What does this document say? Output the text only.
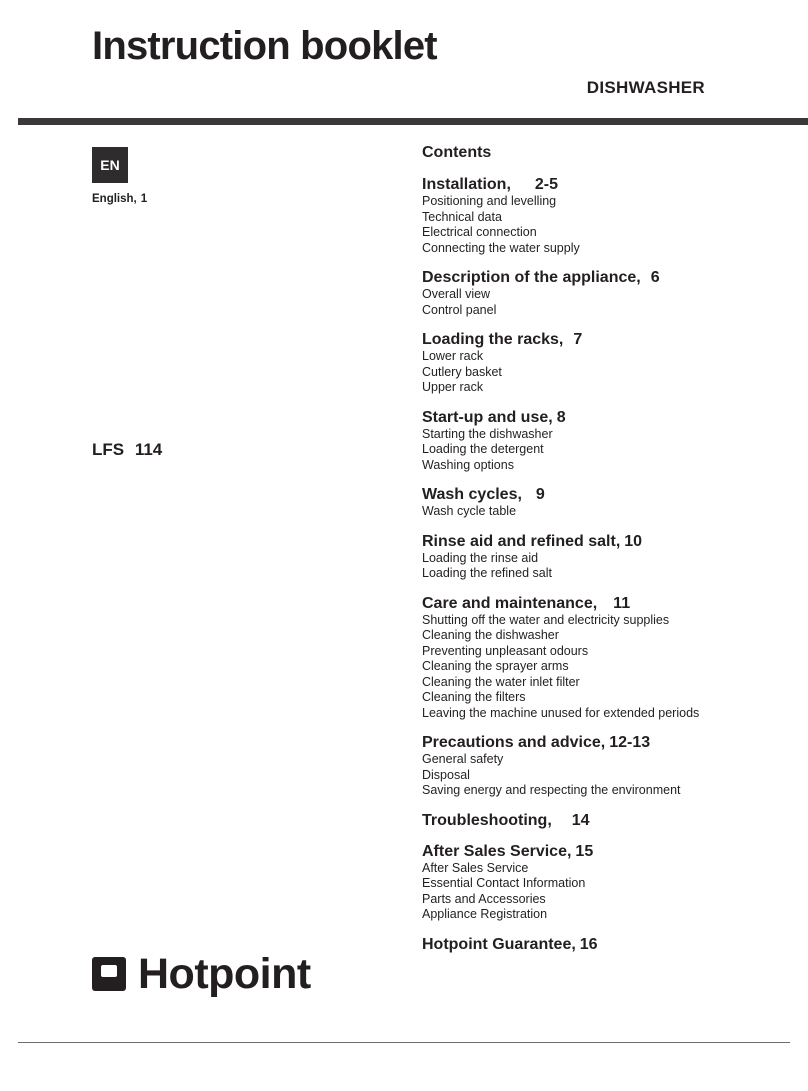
Instruction booklet
DISHWASHER
EN
English, 1
LFS 114
Hotpoint
Contents
Installation, 2-5
Positioning and levelling
Technical data
Electrical connection
Connecting the water supply
Description of the appliance, 6
Overall view
Control panel
Loading the racks, 7
Lower rack
Cutlery basket
Upper rack
Start-up and use, 8
Starting the dishwasher
Loading the detergent
Washing options
Wash cycles, 9
Wash cycle table
Rinse aid and refined salt, 10
Loading the rinse aid
Loading the refined salt
Care and maintenance, 11
Shutting off the water and electricity supplies
Cleaning the dishwasher
Preventing unpleasant odours
Cleaning the sprayer arms
Cleaning the water inlet filter
Cleaning the filters
Leaving the machine unused for extended periods
Precautions and advice, 12-13
General safety
Disposal
Saving energy and respecting the environment
Troubleshooting, 14
After Sales Service, 15
After Sales Service
Essential Contact Information
Parts and Accessories
Appliance Registration
Hotpoint Guarantee, 16
